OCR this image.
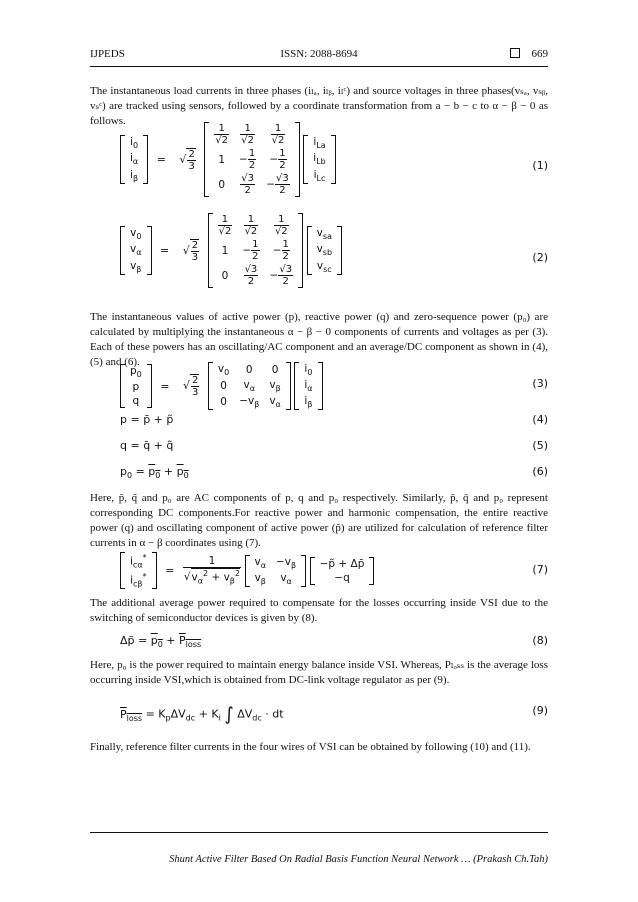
IJPEDS	ISSN: 2088-8694	669
The instantaneous load currents in three phases (iₗₐ, iₗᵦ, iₗᶜ) and source voltages in three phases(vₛₐ, vₛᵦ, vₛᶜ) are tracked using sensors, followed by a coordinate transformation from a − b − c to α − β − 0 as follows.
$i_0$
$i_\alpha$
$i_\beta$
= √ $\frac{2}{3}$

$\frac{1}{√2}$	$\frac{1}{√2}$	$\frac{1}{√2}$

1	− $\frac{1}{2}$	− $\frac{1}{2}$

0	$\frac{√3}{2}$	− $\frac{√3}{2}$

$i_{La}$
$i_{Lb}$
$i_{Lc}$
(1)
$v_0$
$v_\alpha$
$v_\beta$
= √ $\frac{2}{3}$

$\frac{1}{√2}$	$\frac{1}{√2}$	$\frac{1}{√2}$

1	− $\frac{1}{2}$	− $\frac{1}{2}$

0	$\frac{√3}{2}$	− $\frac{√3}{2}$

$v_{sa}$
$v_{sb}$
$v_{sc}$
(2)
The instantaneous values of active power (p), reactive power (q) and zero-sequence power (p₀) are calculated by multiplying the instantaneous α − β − 0 components of currents and voltages as per (3). Each of these powers has an oscillating/AC component and an average/DC component as shown in (4), (5) and (6).
$p_0$
p
q
= √ $\frac{2}{3}$

$v_0$	0	0
0	$v_\alpha$	$v_\beta$
0	$-v_\beta$	$v_\alpha$

$i_0$
$i_\alpha$
$i_\beta$
(3)
p = p̄ + p̃	(4)
q = q̄ + q̃	(5)
$p_0 = p_0 + p_0$	(6)
Here, p̃, q̃ and p₀ are AC components of p, q and p₀ respectively. Similarly, p̄, q̄ and p₀ represent corresponding DC components.For reactive power and harmonic compensation, the entire reactive power (q) and oscillating component of active power (p̃) are utilized for calculation of reference filter currents in α − β coordinates using (7).
$i_{c\alpha}^*$
$i_{c\beta}^* = \frac{1}{√v_\alpha^2 + v_\beta^2}$
$v_\alpha$	$-v_\beta$
$v_\beta$	$v_\alpha$

−p̃ + Δp̄
−q
(7)
The additional average power required to compensate for the losses occurring inside VSI due to the switching of semiconductor devices is given by (8).
Δp̄ = $p_0 + P_{loss}$	(8)
Here, p₀ is the power required to maintain energy balance inside VSI. Whereas, Pₗₒₛₛ is the average loss occurring inside VSI,which is obtained from DC-link voltage regulator as per (9).
$P_{loss} = K_p\Delta V_{dc} + K_i$ ∫ $\Delta V_{dc}$ · dt	(9)
Finally, reference filter currents in the four wires of VSI can be obtained by following (10) and (11).
Shunt Active Filter Based On Radial Basis Function Neural Network … (Prakash Ch.Tah)
